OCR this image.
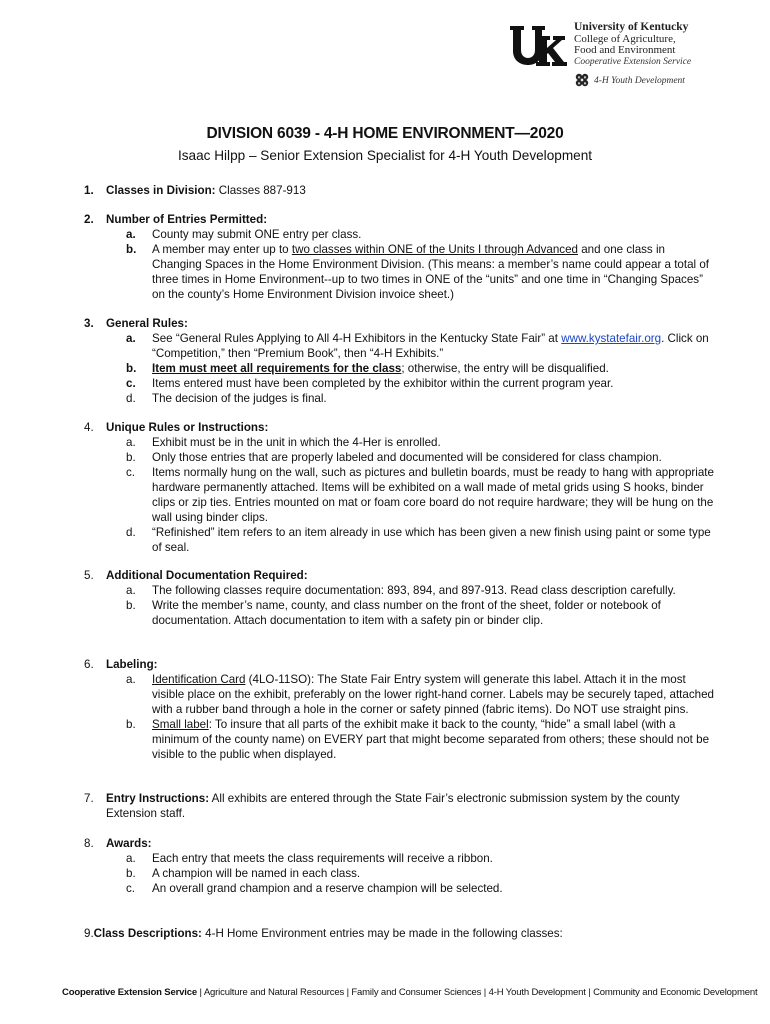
University of Kentucky
College of Agriculture,
Food and Environment
Cooperative Extension Service
H H
H H 4-H Youth Development
DIVISION 6039 - 4-H HOME ENVIRONMENT—2020
Isaac Hilpp – Senior Extension Specialist for 4-H Youth Development
1.	Classes in Division: Classes 887-913
2.	Number of Entries Permitted:
a.	County may submit ONE entry per class.
b.	A member may enter up to two classes within ONE of the Units I through Advanced and one class in Changing Spaces in the Home Environment Division. (This means: a member’s name could appear a total of three times in Home Environment--up to two times in ONE of the “units” and one time in “Changing Spaces” on the county’s Home Environment Division invoice sheet.)
3.	General Rules:
a.	See “General Rules Applying to All 4-H Exhibitors in the Kentucky State Fair” at www.kystatefair.org. Click on “Competition,” then “Premium Book”, then “4-H Exhibits.”
b.	Item must meet all requirements for the class; otherwise, the entry will be disqualified.
c.	Items entered must have been completed by the exhibitor within the current program year.
d.	The decision of the judges is final.
4.	Unique Rules or Instructions:
a.	Exhibit must be in the unit in which the 4-Her is enrolled.
b.	Only those entries that are properly labeled and documented will be considered for class champion.
c.	Items normally hung on the wall, such as pictures and bulletin boards, must be ready to hang with appropriate hardware permanently attached. Items will be exhibited on a wall made of metal grids using S hooks, binder clips or zip ties. Entries mounted on mat or foam core board do not require hardware; they will be hung on the wall using binder clips.
d.	“Refinished” item refers to an item already in use which has been given a new finish using paint or some type of seal.
5.	Additional Documentation Required:
a.	The following classes require documentation: 893, 894, and 897-913. Read class description carefully.
b.	Write the member’s name, county, and class number on the front of the sheet, folder or notebook of documentation. Attach documentation to item with a safety pin or binder clip.
6.	Labeling:
a.	Identification Card (4LO-11SO): The State Fair Entry system will generate this label. Attach it in the most visible place on the exhibit, preferably on the lower right-hand corner. Labels may be securely taped, attached with a rubber band through a hole in the corner or safety pinned (fabric items). Do NOT use straight pins.
b.	Small label: To insure that all parts of the exhibit make it back to the county, “hide” a small label (with a minimum of the county name) on EVERY part that might become separated from others; these should not be visible to the public when displayed.
7.	Entry Instructions: All exhibits are entered through the State Fair’s electronic submission system by the county Extension staff.
8.	Awards:
a.	Each entry that meets the class requirements will receive a ribbon.
b.	A champion will be named in each class.
c.	An overall grand champion and a reserve champion will be selected.
9.Class Descriptions: 4-H Home Environment entries may be made in the following classes:
Cooperative Extension Service | Agriculture and Natural Resources | Family and Consumer Sciences | 4-H Youth Development | Community and Economic Development
